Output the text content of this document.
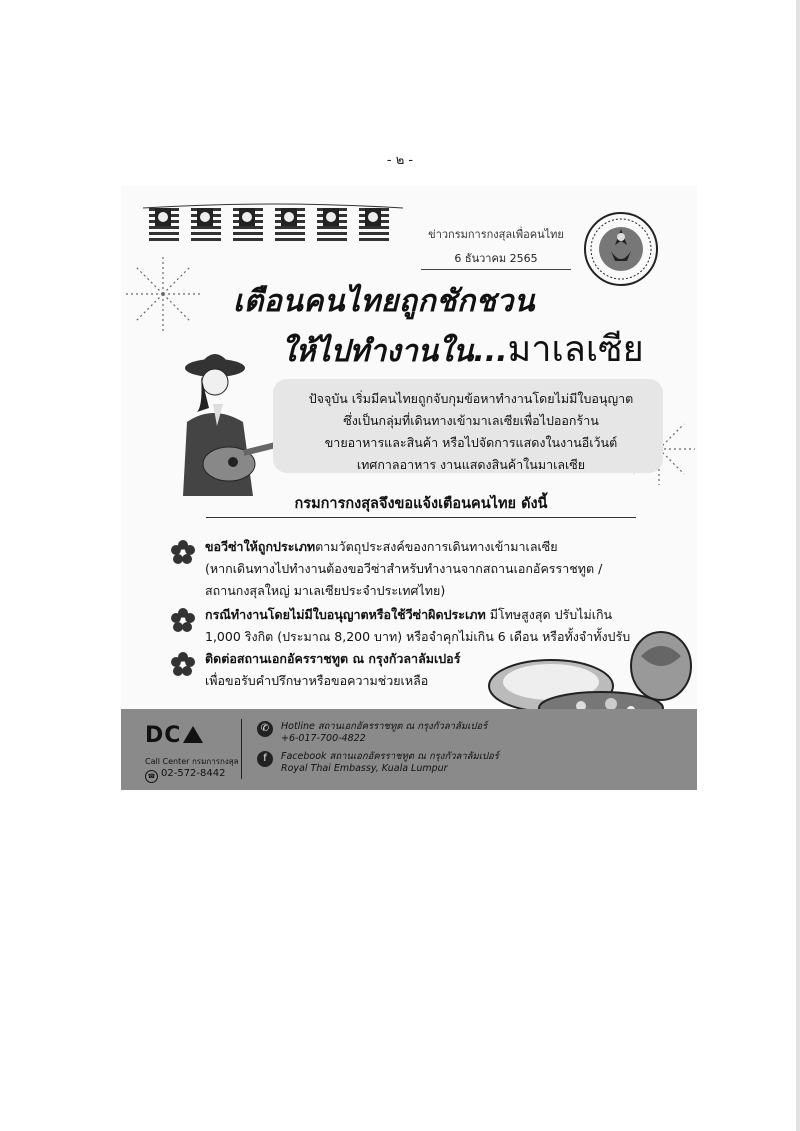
- ๒ -
ข่าวกรมการกงสุลเพื่อคนไทย
6 ธันวาคม 2565
เตือนคนไทยถูกชักชวน
ให้ไปทำงานใน...มาเลเซีย
ปัจจุบัน เริ่มมีคนไทยถูกจับกุมข้อหาทำงานโดยไม่มีใบอนุญาต
ซึ่งเป็นกลุ่มที่เดินทางเข้ามาเลเซียเพื่อไปออกร้าน
ขายอาหารและสินค้า หรือไปจัดการแสดงในงานอีเว้นต์
เทศกาลอาหาร งานแสดงสินค้าในมาเลเซีย
กรมการกงสุลจึงขอแจ้งเตือนคนไทย ดังนี้
ขอวีซ่าให้ถูกประเภทตามวัตถุประสงค์ของการเดินทางเข้ามาเลเซีย
(หากเดินทางไปทำงานต้องขอวีซ่าสำหรับทำงานจากสถานเอกอัครราชทูต /
สถานกงสุลใหญ่ มาเลเซียประจำประเทศไทย)
กรณีทำงานโดยไม่มีใบอนุญาตหรือใช้วีซ่าผิดประเภท มีโทษสูงสุด ปรับไม่เกิน
1,000 ริงกิต (ประมาณ 8,200 บาท) หรือจำคุกไม่เกิน 6 เดือน หรือทั้งจำทั้งปรับ
ติดต่อสถานเอกอัครราชทูต ณ กรุงกัวลาลัมเปอร์
เพื่อขอรับคำปรึกษาหรือขอความช่วยเหลือ
DC
Call Center กรมการกงสุล
☎ 02-572-8442
✆	Hotline สถานเอกอัครราชทูต ณ กรุงกัวลาลัมเปอร์
+6-017-700-4822
f	Facebook สถานเอกอัครราชทูต ณ กรุงกัวลาลัมเปอร์
Royal Thai Embassy, Kuala Lumpur
